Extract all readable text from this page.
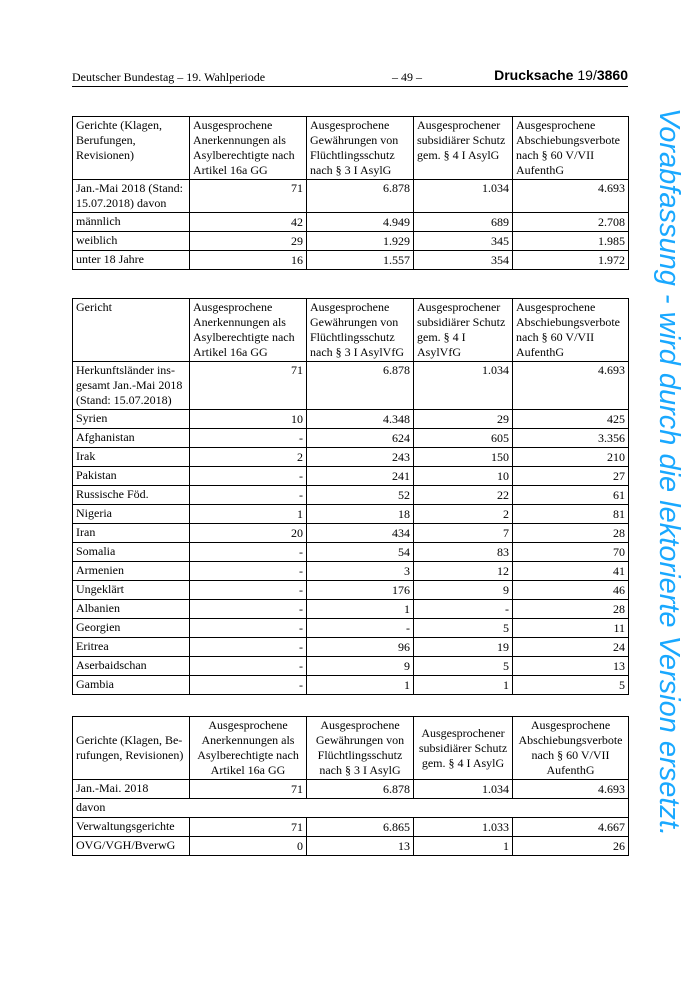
Deutscher Bundestag – 19. Wahlperiode	– 49 –	Drucksache 19/3860
Gerichte (Klagen, Berufungen, Revisionen)	Ausgesprochene Anerkennungen als Asylberechtigte nach Artikel 16a GG	Ausgesprochene Gewährungen von Flüchtlingsschutz nach § 3 I AsylG	Ausgesprochener subsidiärer Schutz gem. § 4 I AsylG	Ausgesprochene Abschiebungsverbote nach § 60 V/VII AufenthG
Jan.-Mai 2018 (Stand: 15.07.2018) davon	71	6.878	1.034	4.693
männlich	42	4.949	689	2.708
weiblich	29	1.929	345	1.985
unter 18 Jahre	16	1.557	354	1.972
Gericht	Ausgesprochene Anerkennungen als Asylberechtigte nach Artikel 16a GG	Ausgesprochene Gewährungen von Flüchtlingsschutz nach § 3 I AsylVfG	Ausgesprochener subsidiärer Schutz gem. § 4 I AsylVfG	Ausgesprochene Abschiebungsverbote nach § 60 V/VII AufenthG
Herkunftsländer ins-gesamt Jan.-Mai 2018 (Stand: 15.07.2018)	71	6.878	1.034	4.693
Syrien	10	4.348	29	425
Afghanistan	-	624	605	3.356
Irak	2	243	150	210
Pakistan	-	241	10	27
Russische Föd.	-	52	22	61
Nigeria	1	18	2	81
Iran	20	434	7	28
Somalia	-	54	83	70
Armenien	-	3	12	41
Ungeklärt	-	176	9	46
Albanien	-	1	-	28
Georgien	-	-	5	11
Eritrea	-	96	19	24
Aserbaidschan	-	9	5	13
Gambia	-	1	1	5
Gerichte (Klagen, Be-rufungen, Revisionen)	Ausgesprochene Anerkennungen als Asylberechtigte nach Artikel 16a GG	Ausgesprochene Gewährungen von Flüchtlingsschutz nach § 3 I AsylG	Ausgesprochener subsidiärer Schutz gem. § 4 I AsylG	Ausgesprochene Abschiebungsverbote nach § 60 V/VII AufenthG
Jan.-Mai. 2018	71	6.878	1.034	4.693
davon				
Verwaltungsgerichte	71	6.865	1.033	4.667
OVG/VGH/BverwG	0	13	1	26
Vorabfassung - wird durch die lektorierte Version ersetzt.
